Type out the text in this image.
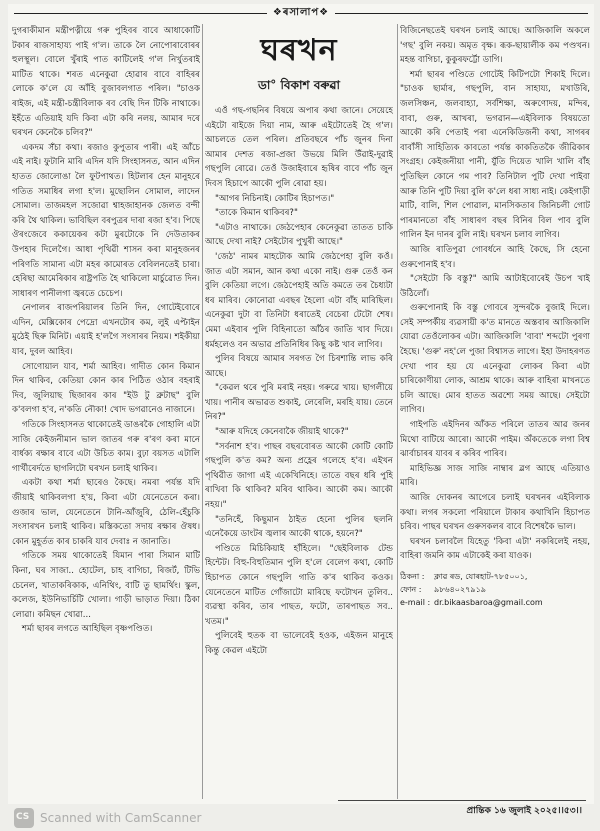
❖ৰসালাপ❖

দুগৰাকীমান মন্ত্ৰীপত্নীয়ে গৰু পুহিবৰ বাবে আধাকোটি টকাৰ ৰাজসাহায্য পাই গ'ল। তাকে লৈ নোপোৰাবোৰৰ হুলস্থূল। বোলে খুঁৰাই পাত কাটিলেই গ'ল নিৰ্খুতৰাই মাটিত থাকে। শৰত এনেকুৱা হোৱাৰ বাবে বাহিৰৰ লোকে ক'লে যে আঁহি বুজাবলগাত পৰিল। "চাওক ৰাইজ, এই মন্ত্ৰী-চন্ত্ৰীবিলাক ৰব বেছি দিন টিকি নাথাকে। ইহঁতে এতিয়াই যদি কিবা এটা কৰি নলয়, আমাৰ দৰে ঘৰখন কেনেকৈ চলিব?"

একদম সঁচা কথা। ৰজাও কুপুতাৰ পাৰী। এই আঁচে এই নাই। ফুটানি মাৰি এদিন যদি সিংহাসনত, আন এদিন হাতত জোলোঙা লৈ ফুটপাথত। হিটলাৰ হেন মানুহৰে গতিত সমাধিৰ লগা হ'ল। মুছোলিন সোমাল, লাদেন সোমাল। তাজমহল সজোৱা শ্বাহজাহানক জেলত বন্দী কৰি থৈ থাকিল। ভাবিছিল বৰপুত্ৰৰ দাৰা ৰজা হ'ব। পিছে ঔৰংজেবে ককায়েকৰ কটা মুৰটোকে নি দেউতাকৰ উপহাৰ দিলেগৈ। আধা পৃথিৱী শাসন কৰা মানুহজনৰ পৰিণতি সামান্য এটা মহৰ কামোৰত বেবিলনতেই চাৰা। হেৰিছা আমেৰিকাৰ ৰাষ্ট্ৰপতি হৈ থাকিলো মাৰ্চুৱোত দিন। সাধাৰণ পানীলগা জ্বৰতে চেচেপ।

নেপালৰ ৰাজপৰিয়ালৰ তিনি দিন, গোটেইবোৰে এদিন, মেক্সিকোৰ পেদ্ৰো এখনটোৰ কম, লুই এপ্টাইন মুঠেই ছিৰু মিনিট। এয়াই হ'লগৈ সংসাৰৰ নিয়ম। শইকীয়া যাব, দুবল আহিব।

সোণোয়াল যাব, শৰ্মা আহিব। গাদীত কোন কিমান দিন থাকিব, কেতিয়া কোন কাৰ পিঠিত ওঠাৰ বহৰাই দিব, জুলিয়াছ ছিজাৰৰ কাৰ "ইউ টু ব্ৰুটাছ" বুলি ক'বলগা হ'ব, ন'কতি নৌকা! খোদ ভগৱানেও নাজানে।

গতিকে সিংহাসনত থাকোতেই ডাঙৰকৈ গোহালি এটা সাজি কেইজনীমান ভাল জাতৰ গৰু ৰ'ৰণ কৰা মানে বাৰ্ধক্য ৰক্ষাৰ বাবে এটা উচিত কাম। বুঢ়া বয়সত এটালি গাৰ্খীৰেৰ্দতে ছাগলিটো ঘৰখন চলাই থাকিব।

একটা কথা শৰ্মা ছাৰেও কৈছে। নমৰা পৰ্যন্ত যদি জীয়াই থাকিবলগা হ'য়, কিবা এটা যেনেতেনে কৰা। গুজাৰ ভাল, যেনেতেনে টানি-আঁজুৰি, ঠেলি-হেঁচুকি সংসাৰখন চলাই থাকিব। মস্তিকতো সদায় ৰক্ষাৰ ঔষধ। কোন মুহূৰ্তত কাৰ চাকৰি যাব দেবাঃ ন জানাতি।

গতিকে সময় থাকোতেই যিমান পাৰা সিমান মাটি কিনা, ঘৰ সাজা.. হোটেল, চাহ বাগিচা, ৰিজৰ্ট, টিভি চেনেল, খাতাকৰিকাক, এনিথিং, বাটি তু ছামৰ্থিং। স্কুল, কলেজ, ইউনিভাৰ্চিটি খোলা। গাড়ী ভাড়াত দিয়া। ঠিকা লোৱা। কমিছন খোৱা...

শৰ্মা ছাৰৰ লগতে আহিছিল বৃষ্ণপণ্ডিত।

ঘৰখন
ডা° বিকাশ বৰুৱা

এওঁ গছ-গছনিৰ বিষয়ে অপাৰ কথা জানে। সেয়েহে এইটো ৰাইজে দিয়া নাম, আৰু এইটোতেই হৈ গ'ল। আচলতে তেল পৰিল। প্ৰতিবছৰে পাঁচ জুনৰ দিনা আমাৰ দেশত ৰজা-প্ৰজা উভয়ে মিলি উঁৱাই-দুৱাই গছপুলি ৰোৱে। তেওঁ উজাইবাৰে হৃষিৰ বাবে পাঁচ জুন দিবস হিচাপে আকৌ পুলি ৰোৱা হয়।

"আগৰ নিচিনাই। কোটিৰ হিচাপত।"

"তাকে কিমান থাকিবৰ?"

"এটাও নাথাকে। জেঠপেহাৰ কেনেকুৱা তাতত চাকি আছে দেখা নাই? সেইটোৰ পুখুৰী আছে।"

'জেঠ' নামৰ মাহটোক আমি জেঠপেহা বুলি কওঁ। জাত এটা সমান, আন কথা একো নাই। গুৰু তেওঁ কন বুলি কেতিয়া লগে। জেঠপেহাই অতি কমতে তৰ চৈধ্যটা ধৰ মাৰিব। কোনোৱা এবছৰ হৈলো এটা বাঁহ মাৰিছিল। এনেকুৱা দুটা বা তিনিটা ধৰাতেই বেচেৰা টেটো শেষ। মেমা এইবাৰ পুলি বিহিনাতো আঁঠৰ জাতি খাব দিয়ে। ধৰ্মহলেও বন অভাৱ প্ৰতিনিধিৰ কিছু কষ্ট খাব লাগিব।

পুলিৰ বিষয়ে আমাৰ সৰগত গৈ চিৰশান্তি লাভ কৰি আছে।

"কেৱল থৰে পুৰি মৰাই নহয়। গৰুৱে খায়। ছাগলীয়ে খায়। পানীৰ অভাৱত শুকাই, লেৰেলি, মৰহি যায়। তেনে নিৰ?"

"আৰু যদিহে কেনেবাকৈ জীয়াই থাকে?"

"সৰ্বনাশ হ'ব। পাছৰ বছৰবোৰত আকৌ কোটি কোটি গছপুলি ক'ত কম? অন্য প্ৰহ্লেৰ গলেহে হ'ব। এইখন পৃথিৱীত জাগা এই একেখিনিহে। তাতে বছৰ ধৰি পুহি ৰাখিবা কি থাকিব? মৰিব থাকিব। আকৌ কম। আকৌ নহয়।"

"তনিহেঁ, কিছুমান ঠাইত হেনো পুলিৰ ছলনি এনেকৈয়ে ডাংটৰ জ্বলাৰ আকৌ থাকে, হয়নে?"

পণ্ডিতে মিচিকিয়াই হাঁহিলে। "ছেইবিলাক টেন্ড হিন্টেট। বিহু-বিহুতিমান পুলি হ'লে বেলেগ কথা, কোটি হিচাপত কোনে গছপুলি গাতি ক'ৰ থাকিব কওক। যেনেতেনে মাটিত গোঁজাটো মাৰিছে ফটোখন তুলিব.. ব্যৱস্থা কৰিব, তাৰ পাছত, ফটো, তাৰপাছত সব.. খতম।"

পুলিবেই হুতক বা ভালেবেই হওক, এইজন মানুহে কিন্তু কেৱল এইটো

বিজিনেছতেই ঘৰখন চলাই আছে। আজিকালি অকলে 'গছ' বুলি নকয়। অমৃত বৃক্ষ। ৰূক-ছায়ালীক কম পণ্ডখন। মহন্ত বাগিচা, কুকুৰফৰ্ট্টো ডাগি।

শৰ্মা ছাৰৰ পণ্ডিতে গোটেই কিটিপটো শিকাই দিলে। "চাওক ছাৰ্মাৰ, গছপুলি, বান সাহায্য, মখাউৰি, জলসিঞ্চন, জলবাহ্যা, সৰ্বশিক্ষা, অৰুণোদয়, মন্দিৰ, বাবা, গুৰু, আখৰা, ভগৱান—এইবিলাক বিষয়তো আকৌ কৰি পেতাই পৰা এনেকিডিজনী কথা, সাগৰৰ বাবাঁসী সাহিত্যিক কাবতো পৰ্যন্ত কাকতিতকৈ জীৱিকাৰ সংগ্ৰহ। কেইজনীয়া পানী, যুঁতি দিয়েত খালি খালি বাঁহ পুতিছিল কোনে গম পাব? তিনিটাল পুটি দেখা পাইবা আৰু তিনি পুটি দিয়া বুলি ক'লে ধৰা সাধ্য নাই। কেইগাড়ী মাটি, বালি, শিল পোৱাল, মানসিকতাৰ জিনিচলী গোট পাৰমানতো বাঁহ সাধাৰণ বছৰ বিনিৰ বিল পাব বুলি গালিন ইন দানৰ বুলি নাই। ঘৰখন চলাব লাগিব।

আজি ৰাতিপুৱা গোবৰ্ধনে আহি কৈছে, সি হেনো গুৰুপোনাই হ'ব।

"সেইটো কি বস্তু?" আমি আটাইবোৰেই উচপ খাই উঠিলোঁ।

গুৰুপোনাই কি বস্তু গোবৰে সুন্দৰকৈ বুজাই দিলে। সেই সম্পৰ্কীয় ব্যৱসায়ী ক'ত মানতে অস্তবাৰ আজিকালি যোৱা তেওঁলোকৰ এটা। আজিকালি 'বাবা' শব্দটো পুৰণা হৈছে। 'গুৰু' নহ'লে পুজা বিশ্বাসত লাগে। ইহা উদাহৰণত দেখা পাব হয় যে এনেকুৱা লোকৰ কিবা এটা চাৰিকোণীয়া লোক, আশ্ৰম থাকে। আৰু বাহিৰা মাখনতে চলি আছে। মোৰ হাতত অৱশ্যে সময় আছে। সেইটো লাগিব।

গাইপতি এইদিনৰ আঁকত পৰিলে তাতৰ আৱ জনৰ মিথো বাটিয়ে আৰো। আকৌ পাইম। অঁকতেকে লগা বিশ্ব ঝাৰ্বাচাৰৰ যাবৰ ৰ কৰিব পাৰিব।

মাহিভিজ্ঞ সাজ সাজি নাম্বাৰ ব্লগ আছে এতিয়াও মাৰি।

আজি দোকনৰ আগেৰে চলাই ঘৰখনৰ এইবিলাক কথা। লগৰ সকলো পৰিয়ালে টাকাৰ কথাখিনি হিচাপত চৰিব। পাছৰ ঘৰখন গুৰুসকলৰ বাবে বিশেষকৈ ভাল।

ঘৰখন চলাবলৈ যিহেতু 'কিবা এটা' নকৰিলেই নহয়, বাহিৰা জমনি কাম এটাকেই কৰা যাওক।

ঠিকনা : ক্লাৱ ৰড, যোৰহাট-৭৮৫০০১,
ফোন : ৯৮৬৪০২৭৯১৯
e-mail : dr.bikaasbaroa@gmail.com
প্ৰান্তিক ১৬ জুলাই ২০২৫।।৫৩।।
CS
Scanned with CamScanner
